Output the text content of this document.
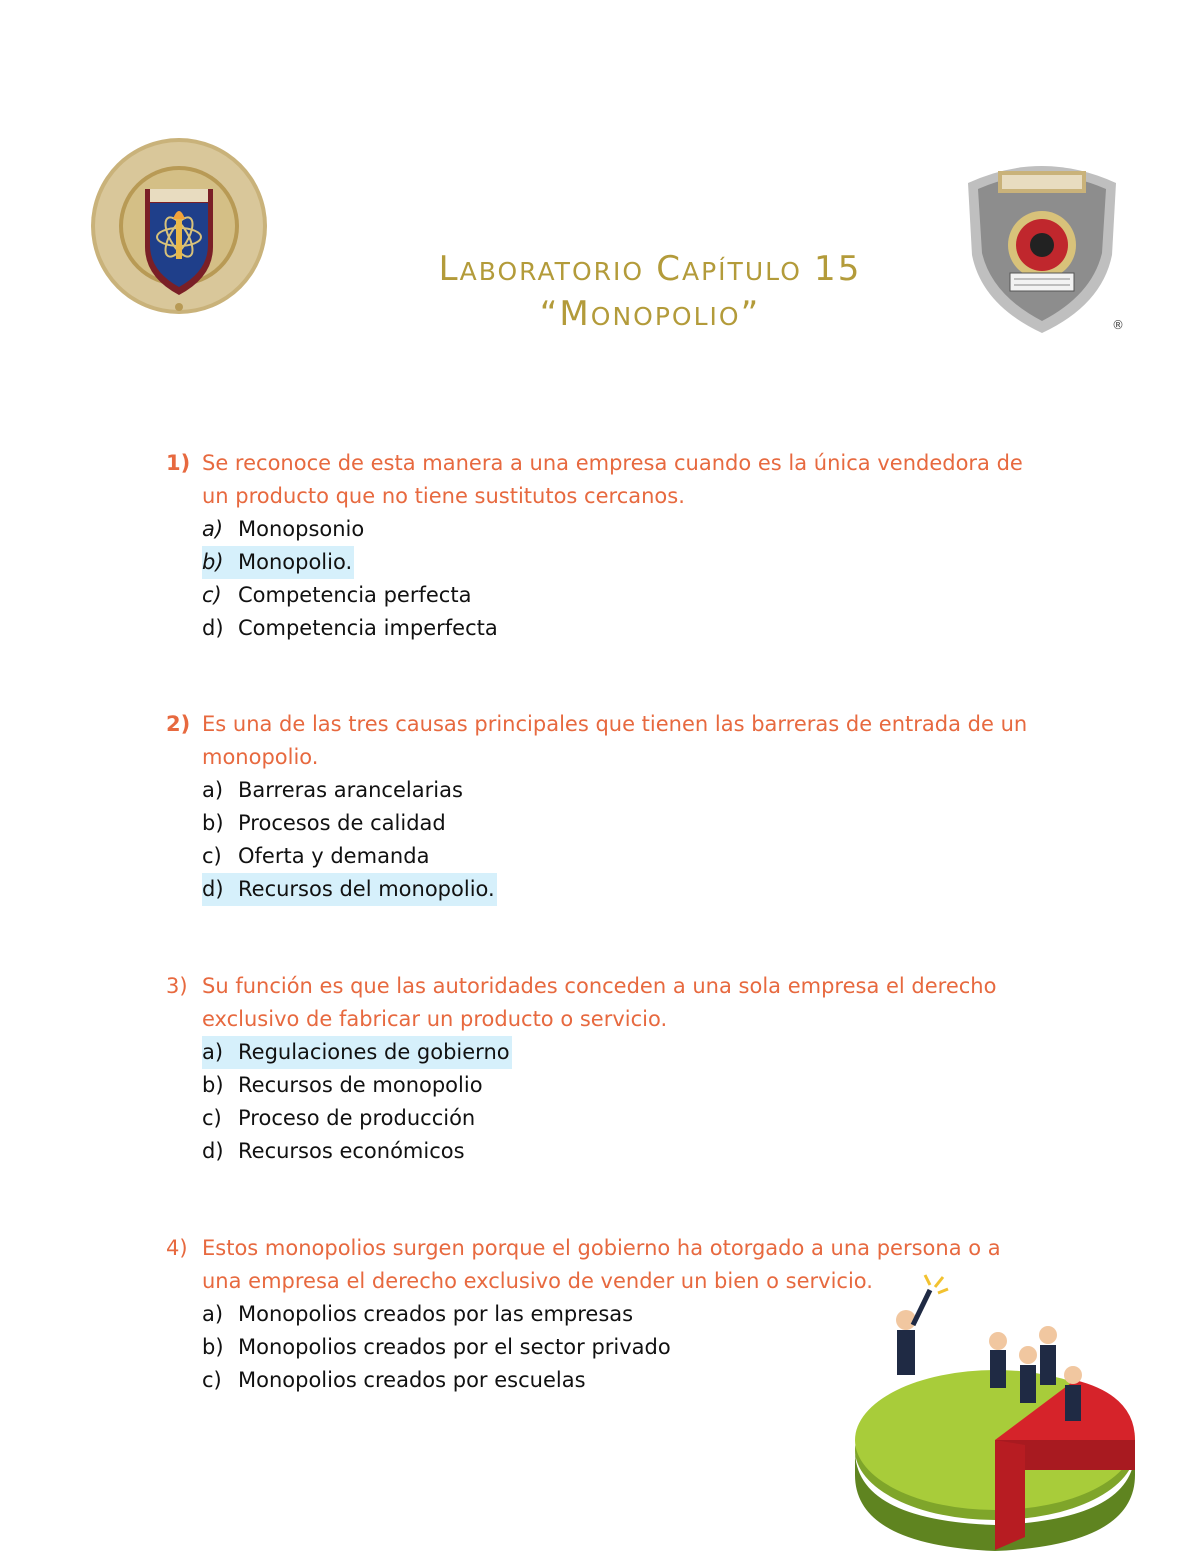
LABORATORIO CAPÍTULO 15
“MONOPOLIO”	®
1) Se reconoce de esta manera a una empresa cuando es la única vendedora de un producto que no tiene sustitutos cercanos.
a) Monopsonio
b) Monopolio.
c) Competencia perfecta
d) Competencia imperfecta
2) Es una de las tres causas principales que tienen las barreras de entrada de un monopolio.
a) Barreras arancelarias
b) Procesos de calidad
c) Oferta y demanda
d) Recursos del monopolio.
3) Su función es que las autoridades conceden a una sola empresa el derecho exclusivo de fabricar un producto o servicio.
a) Regulaciones de gobierno
b) Recursos de monopolio
c) Proceso de producción
d) Recursos económicos
4) Estos monopolios surgen porque el gobierno ha otorgado a una persona o a una empresa el derecho exclusivo de vender un bien o servicio.
a) Monopolios creados por las empresas
b) Monopolios creados por el sector privado
c) Monopolios creados por escuelas
